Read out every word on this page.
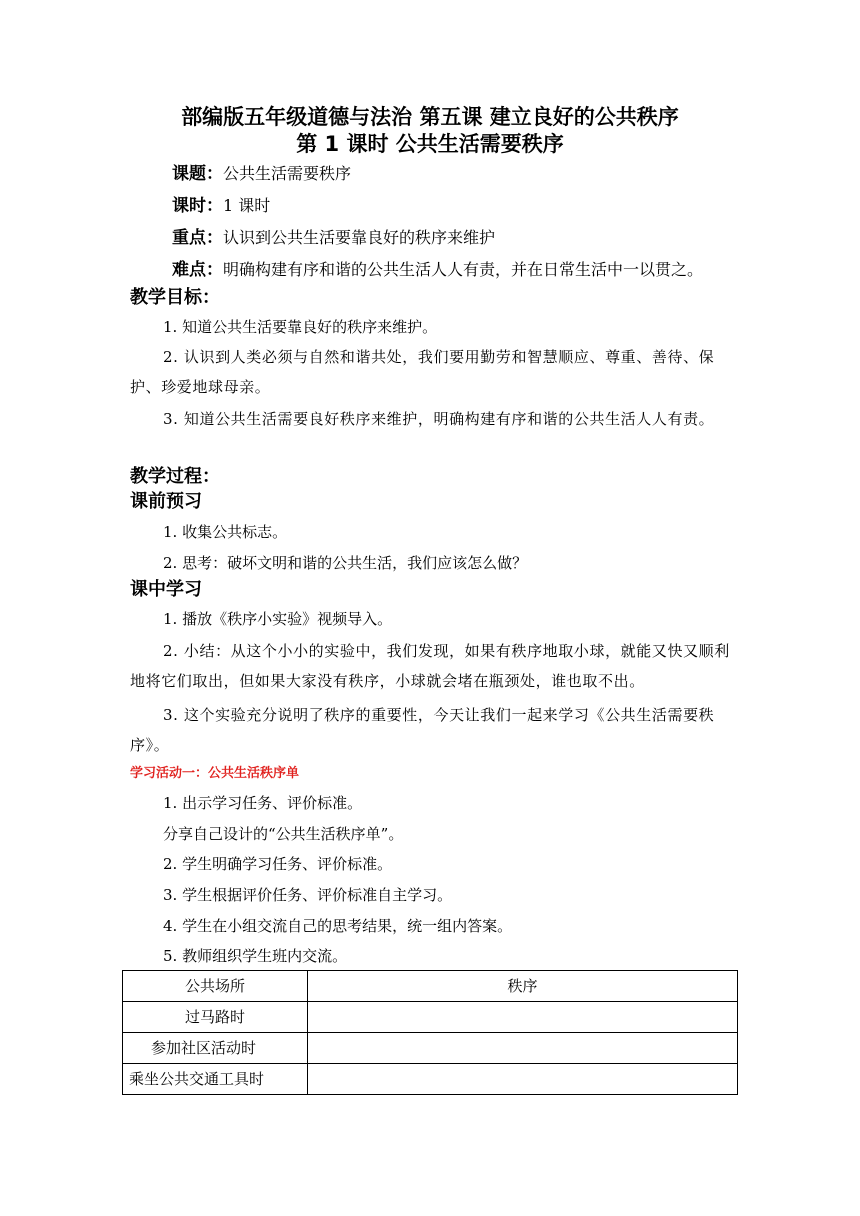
部编版五年级道德与法治 第五课 建立良好的公共秩序
第 1 课时 公共生活需要秩序
课题：公共生活需要秩序
课时：1 课时
重点：认识到公共生活要靠良好的秩序来维护
难点：明确构建有序和谐的公共生活人人有责，并在日常生活中一以贯之。
教学目标：
1. 知道公共生活要靠良好的秩序来维护。
2. 认识到人类必须与自然和谐共处，我们要用勤劳和智慧顺应、尊重、善待、保护、珍爱地球母亲。
3. 知道公共生活需要良好秩序来维护，明确构建有序和谐的公共生活人人有责。
教学过程：
课前预习
1. 收集公共标志。
2. 思考：破坏文明和谐的公共生活，我们应该怎么做？
课中学习
1. 播放《秩序小实验》视频导入。
2. 小结：从这个小小的实验中，我们发现，如果有秩序地取小球，就能又快又顺利地将它们取出，但如果大家没有秩序，小球就会堵在瓶颈处，谁也取不出。
3. 这个实验充分说明了秩序的重要性，今天让我们一起来学习《公共生活需要秩序》。
学习活动一：公共生活秩序单
1. 出示学习任务、评价标准。
分享自己设计的“公共生活秩序单”。
2. 学生明确学习任务、评价标准。
3. 学生根据评价任务、评价标准自主学习。
4. 学生在小组交流自己的思考结果，统一组内答案。
5. 教师组织学生班内交流。
公共场所	秩序
过马路时	
参加社区活动时	
乘坐公共交通工具时	
